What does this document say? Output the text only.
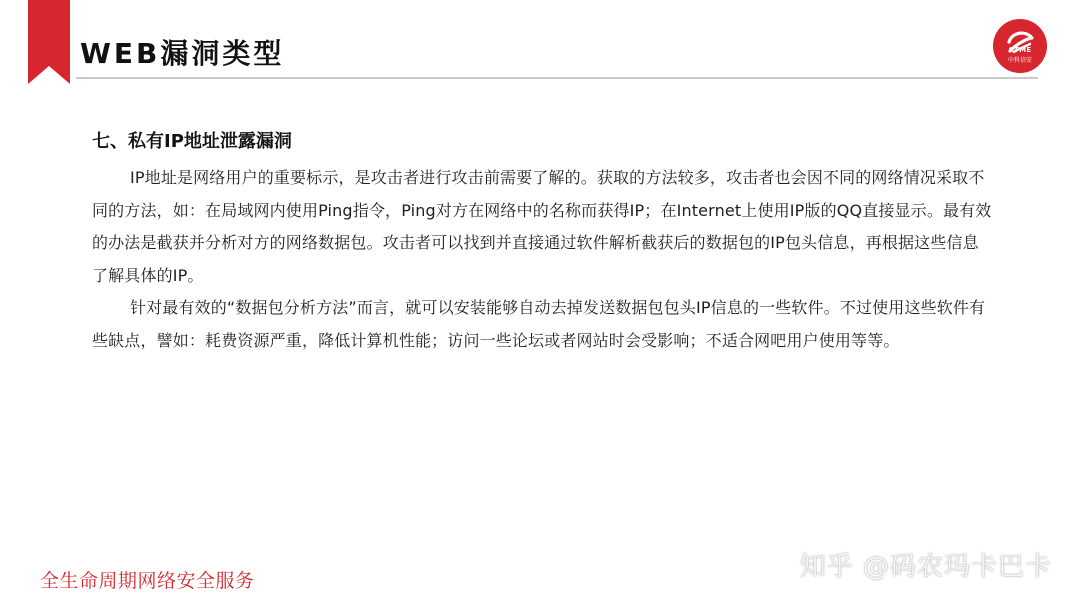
WEB漏洞类型	CTME
中科信安
七、私有IP地址泄露漏洞

IP地址是网络用户的重要标示，是攻击者进行攻击前需要了解的。获取的方法较多，攻击者也会因不同的网络情况采取不同的方法，如：在局域网内使用Ping指令，Ping对方在网络中的名称而获得IP；在Internet上使用IP版的QQ直接显示。最有效的办法是截获并分析对方的网络数据包。攻击者可以找到并直接通过软件解析截获后的数据包的IP包头信息，再根据这些信息了解具体的IP。

针对最有效的“数据包分析方法”而言，就可以安装能够自动去掉发送数据包包头IP信息的一些软件。不过使用这些软件有些缺点，譬如：耗费资源严重，降低计算机性能；访问一些论坛或者网站时会受影响；不适合网吧用户使用等等。

全生命周期网络安全服务	知乎 @码农玛卡巴卡
